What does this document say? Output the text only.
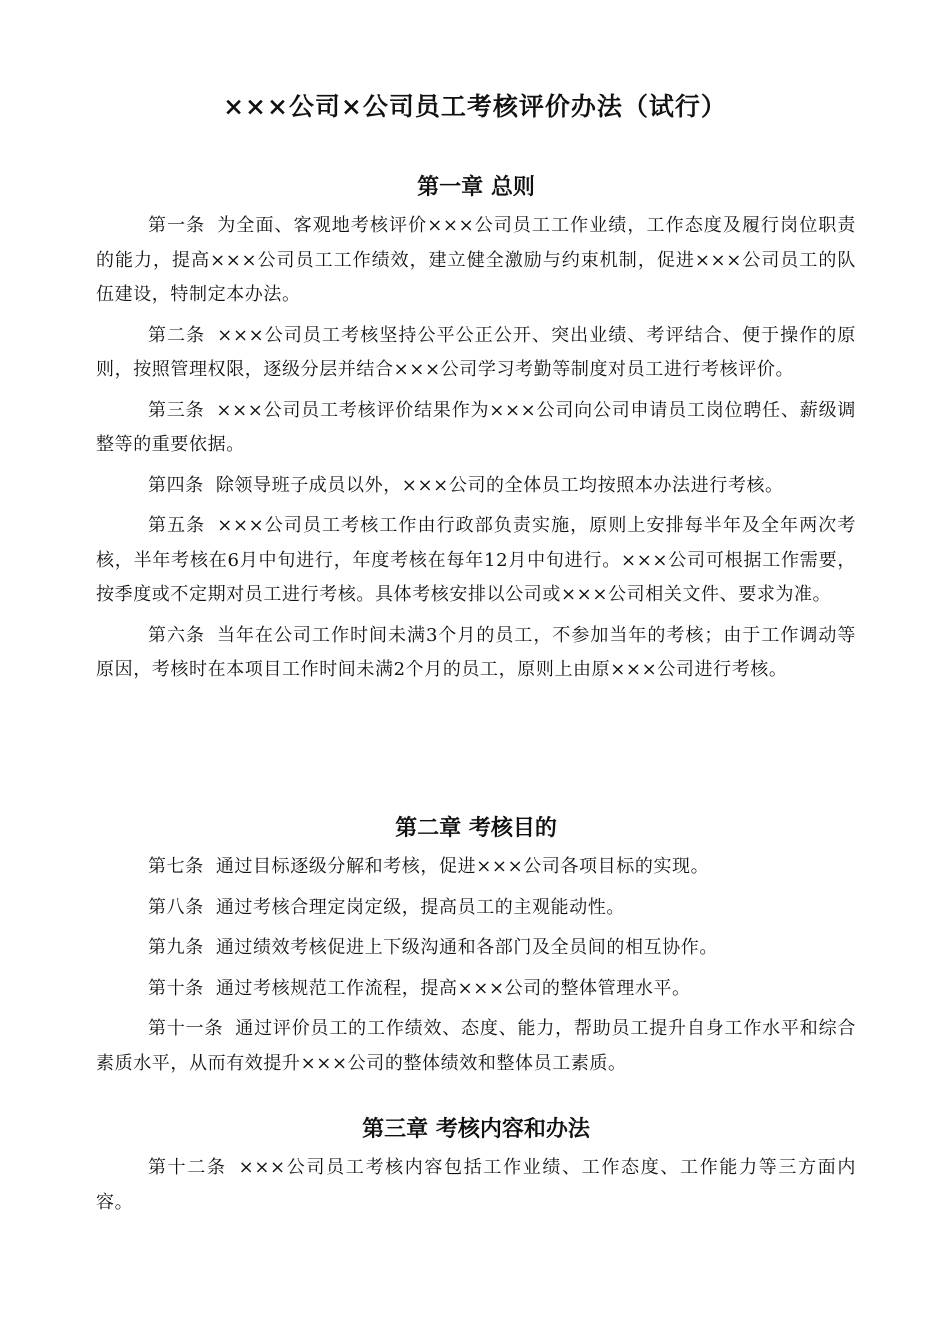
×××公司×公司员工考核评价办法（试行）
第一章 总则

第一条 为全面、客观地考核评价×××公司员工工作业绩，工作态度及履行岗位职责的能力，提高×××公司员工工作绩效，建立健全激励与约束机制，促进×××公司员工的队伍建设，特制定本办法。

第二条 ×××公司员工考核坚持公平公正公开、突出业绩、考评结合、便于操作的原则，按照管理权限，逐级分层并结合×××公司学习考勤等制度对员工进行考核评价。

第三条 ×××公司员工考核评价结果作为×××公司向公司申请员工岗位聘任、薪级调整等的重要依据。

第四条 除领导班子成员以外，×××公司的全体员工均按照本办法进行考核。

第五条 ×××公司员工考核工作由行政部负责实施，原则上安排每半年及全年两次考核，半年考核在6月中旬进行，年度考核在每年12月中旬进行。×××公司可根据工作需要，按季度或不定期对员工进行考核。具体考核安排以公司或×××公司相关文件、要求为准。

第六条 当年在公司工作时间未满3个月的员工，不参加当年的考核；由于工作调动等原因，考核时在本项目工作时间未满2个月的员工，原则上由原×××公司进行考核。

第二章 考核目的

第七条 通过目标逐级分解和考核，促进×××公司各项目标的实现。

第八条 通过考核合理定岗定级，提高员工的主观能动性。

第九条 通过绩效考核促进上下级沟通和各部门及全员间的相互协作。

第十条 通过考核规范工作流程，提高×××公司的整体管理水平。

第十一条 通过评价员工的工作绩效、态度、能力，帮助员工提升自身工作水平和综合素质水平，从而有效提升×××公司的整体绩效和整体员工素质。

第三章 考核内容和办法

第十二条 ×××公司员工考核内容包括工作业绩、工作态度、工作能力等三方面内容。
